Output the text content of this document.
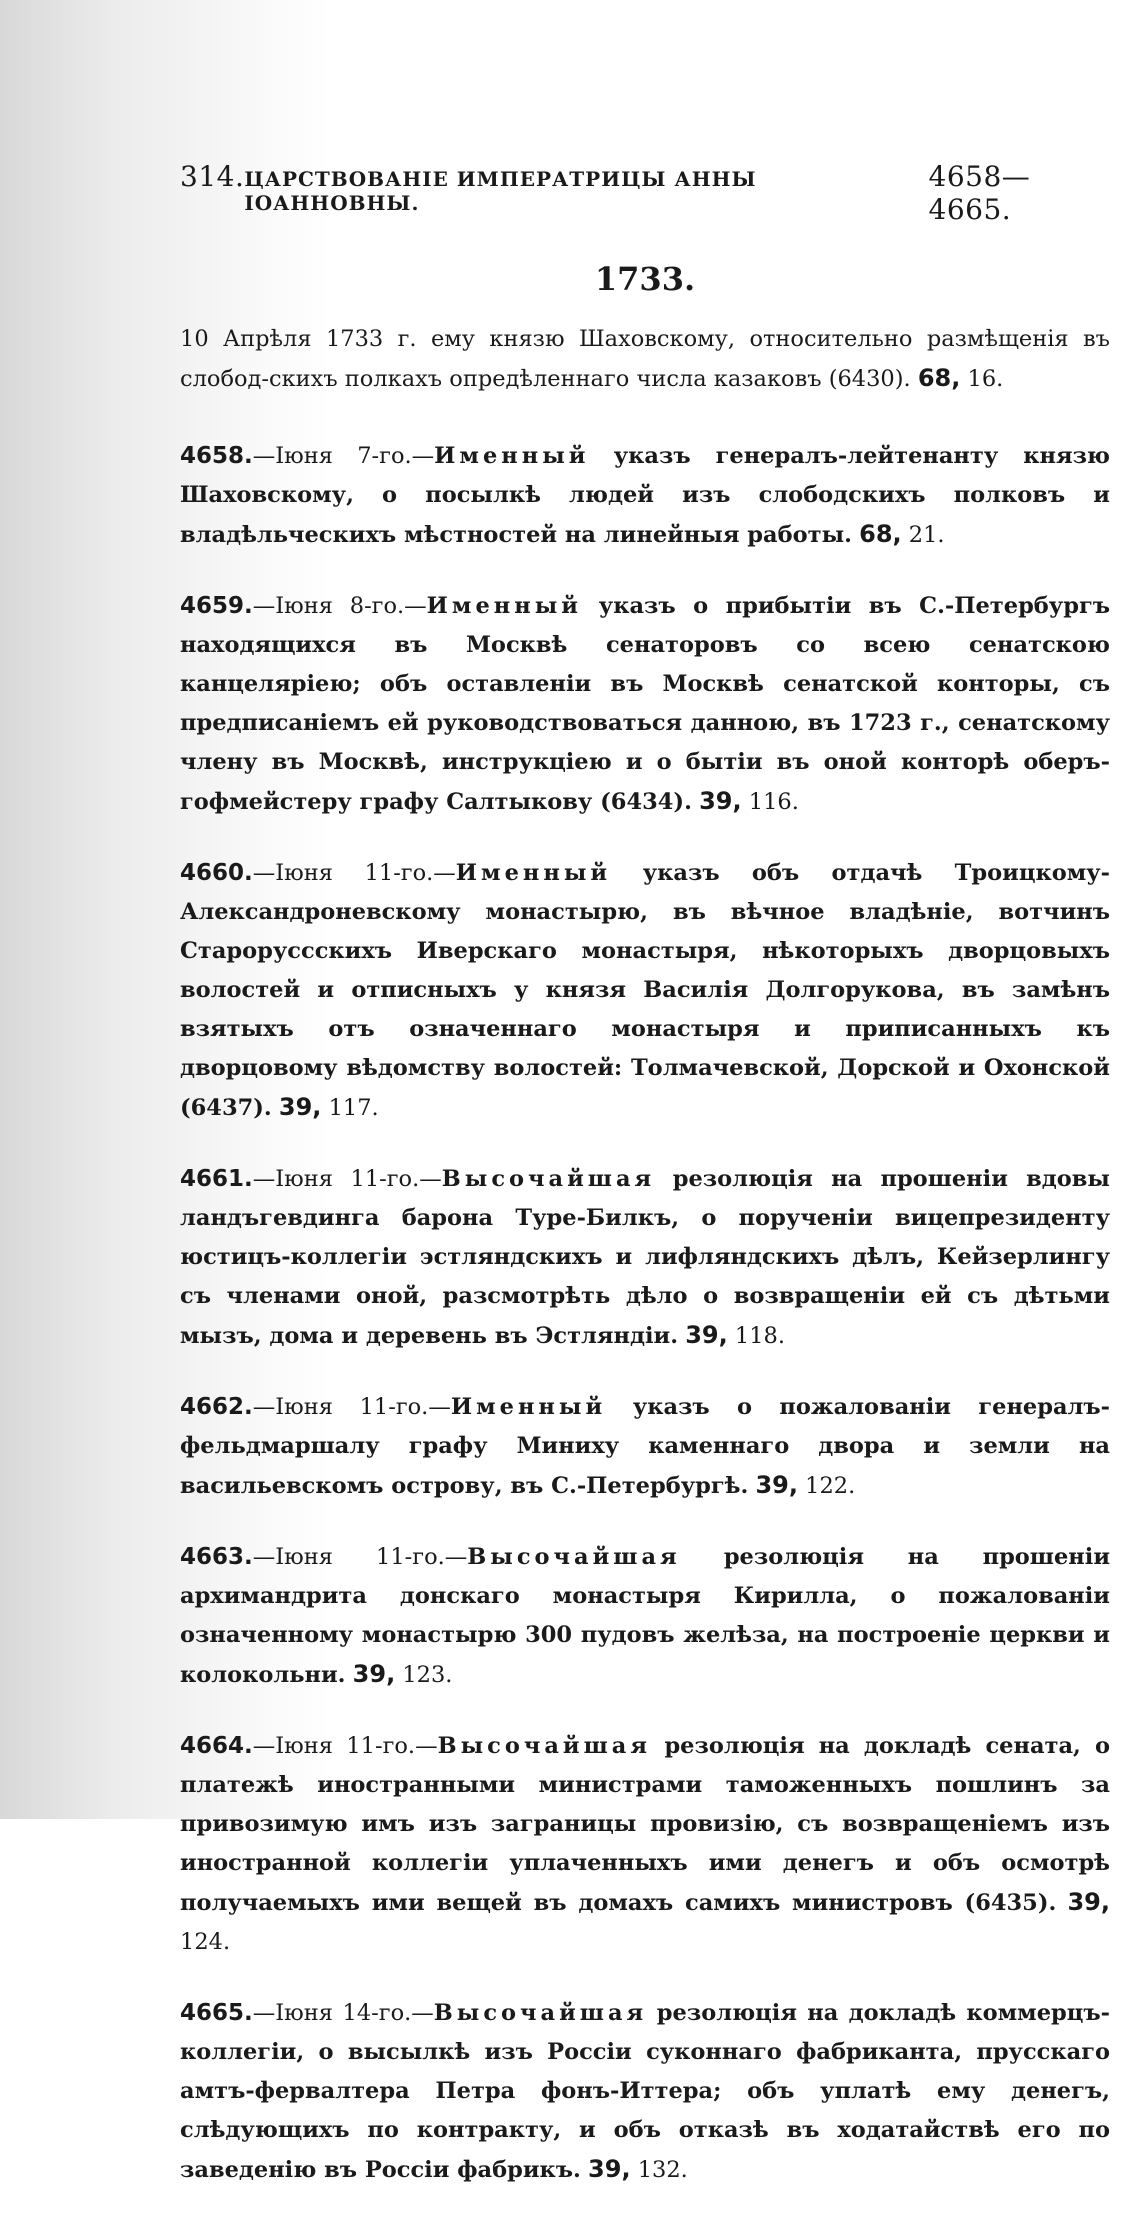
314. ЦАРСТВОВАНІЕ ИМПЕРАТРИЦЫ АННЫ ІОАННОВНЫ.
4658—4665.
1733.

10 Апрѣля 1733 г. ему князю Шаховскому, относительно размѣщенія въ слобод-скихъ полкахъ опредѣленнаго числа казаковъ (6430). 68, 16.

4658.—Іюня 7-го.—Именный указъ генералъ-лейтенанту князю Шаховскому, о посылкѣ людей изъ слободскихъ полковъ и владѣльческихъ мѣстностей на линейныя работы. 68, 21.

4659.—Іюня 8-го.—Именный указъ о прибытіи въ С.-Петербургъ находящихся въ Москвѣ сенаторовъ со всею сенатскою канцеляріею; объ оставленіи въ Москвѣ сенатской конторы, съ предписаніемъ ей руководствоваться данною, въ 1723 г., сенатскому члену въ Москвѣ, инструкціею и о бытіи въ оной конторѣ оберъ-гофмейстеру графу Салтыкову (6434). 39, 116.

4660.—Іюня 11-го.—Именный указъ объ отдачѣ Троицкому-Александроневскому монастырю, въ вѣчное владѣніе, вотчинъ Староруссскихъ Иверскаго монастыря, нѣкоторыхъ дворцовыхъ волостей и отписныхъ у князя Василія Долгорукова, въ замѣнъ взятыхъ отъ означеннаго монастыря и приписанныхъ къ дворцовому вѣдомству волостей: Толмачевской, Дорской и Охонской (6437). 39, 117.

4661.—Іюня 11-го.—Высочайшая резолюція на прошеніи вдовы ландъгевдинга барона Туре-Билкъ, о порученіи вицепрезиденту юстицъ-коллегіи эстляндскихъ и лифляндскихъ дѣлъ, Кейзерлингу съ членами оной, разсмотрѣть дѣло о возвращеніи ей съ дѣтьми мызъ, дома и деревень въ Эстляндіи. 39, 118.

4662.—Іюня 11-го.—Именный указъ о пожалованіи генералъ-фельдмаршалу графу Миниху каменнаго двора и земли на васильевскомъ острову, въ С.-Петербургѣ. 39, 122.

4663.—Іюня 11-го.—Высочайшая резолюція на прошеніи архимандрита донскаго монастыря Кирилла, о пожалованіи означенному монастырю 300 пудовъ желѣза, на построеніе церкви и колокольни. 39, 123.

4664.—Іюня 11-го.—Высочайшая резолюція на докладѣ сената, о платежѣ иностранными министрами таможенныхъ пошлинъ за привозимую имъ изъ заграницы провизію, съ возвращеніемъ изъ иностранной коллегіи уплаченныхъ ими денегъ и объ осмотрѣ получаемыхъ ими вещей въ домахъ самихъ министровъ (6435). 39, 124.

4665.—Іюня 14-го.—Высочайшая резолюція на докладѣ коммерцъ-коллегіи, о высылкѣ изъ Россіи суконнаго фабриканта, прусскаго амтъ-фервалтера Петра фонъ-Иттера; объ уплатѣ ему денегъ, слѣдующихъ по контракту, и объ отказѣ въ ходатайствѣ его по заведенію въ Россіи фабрикъ. 39, 132.
